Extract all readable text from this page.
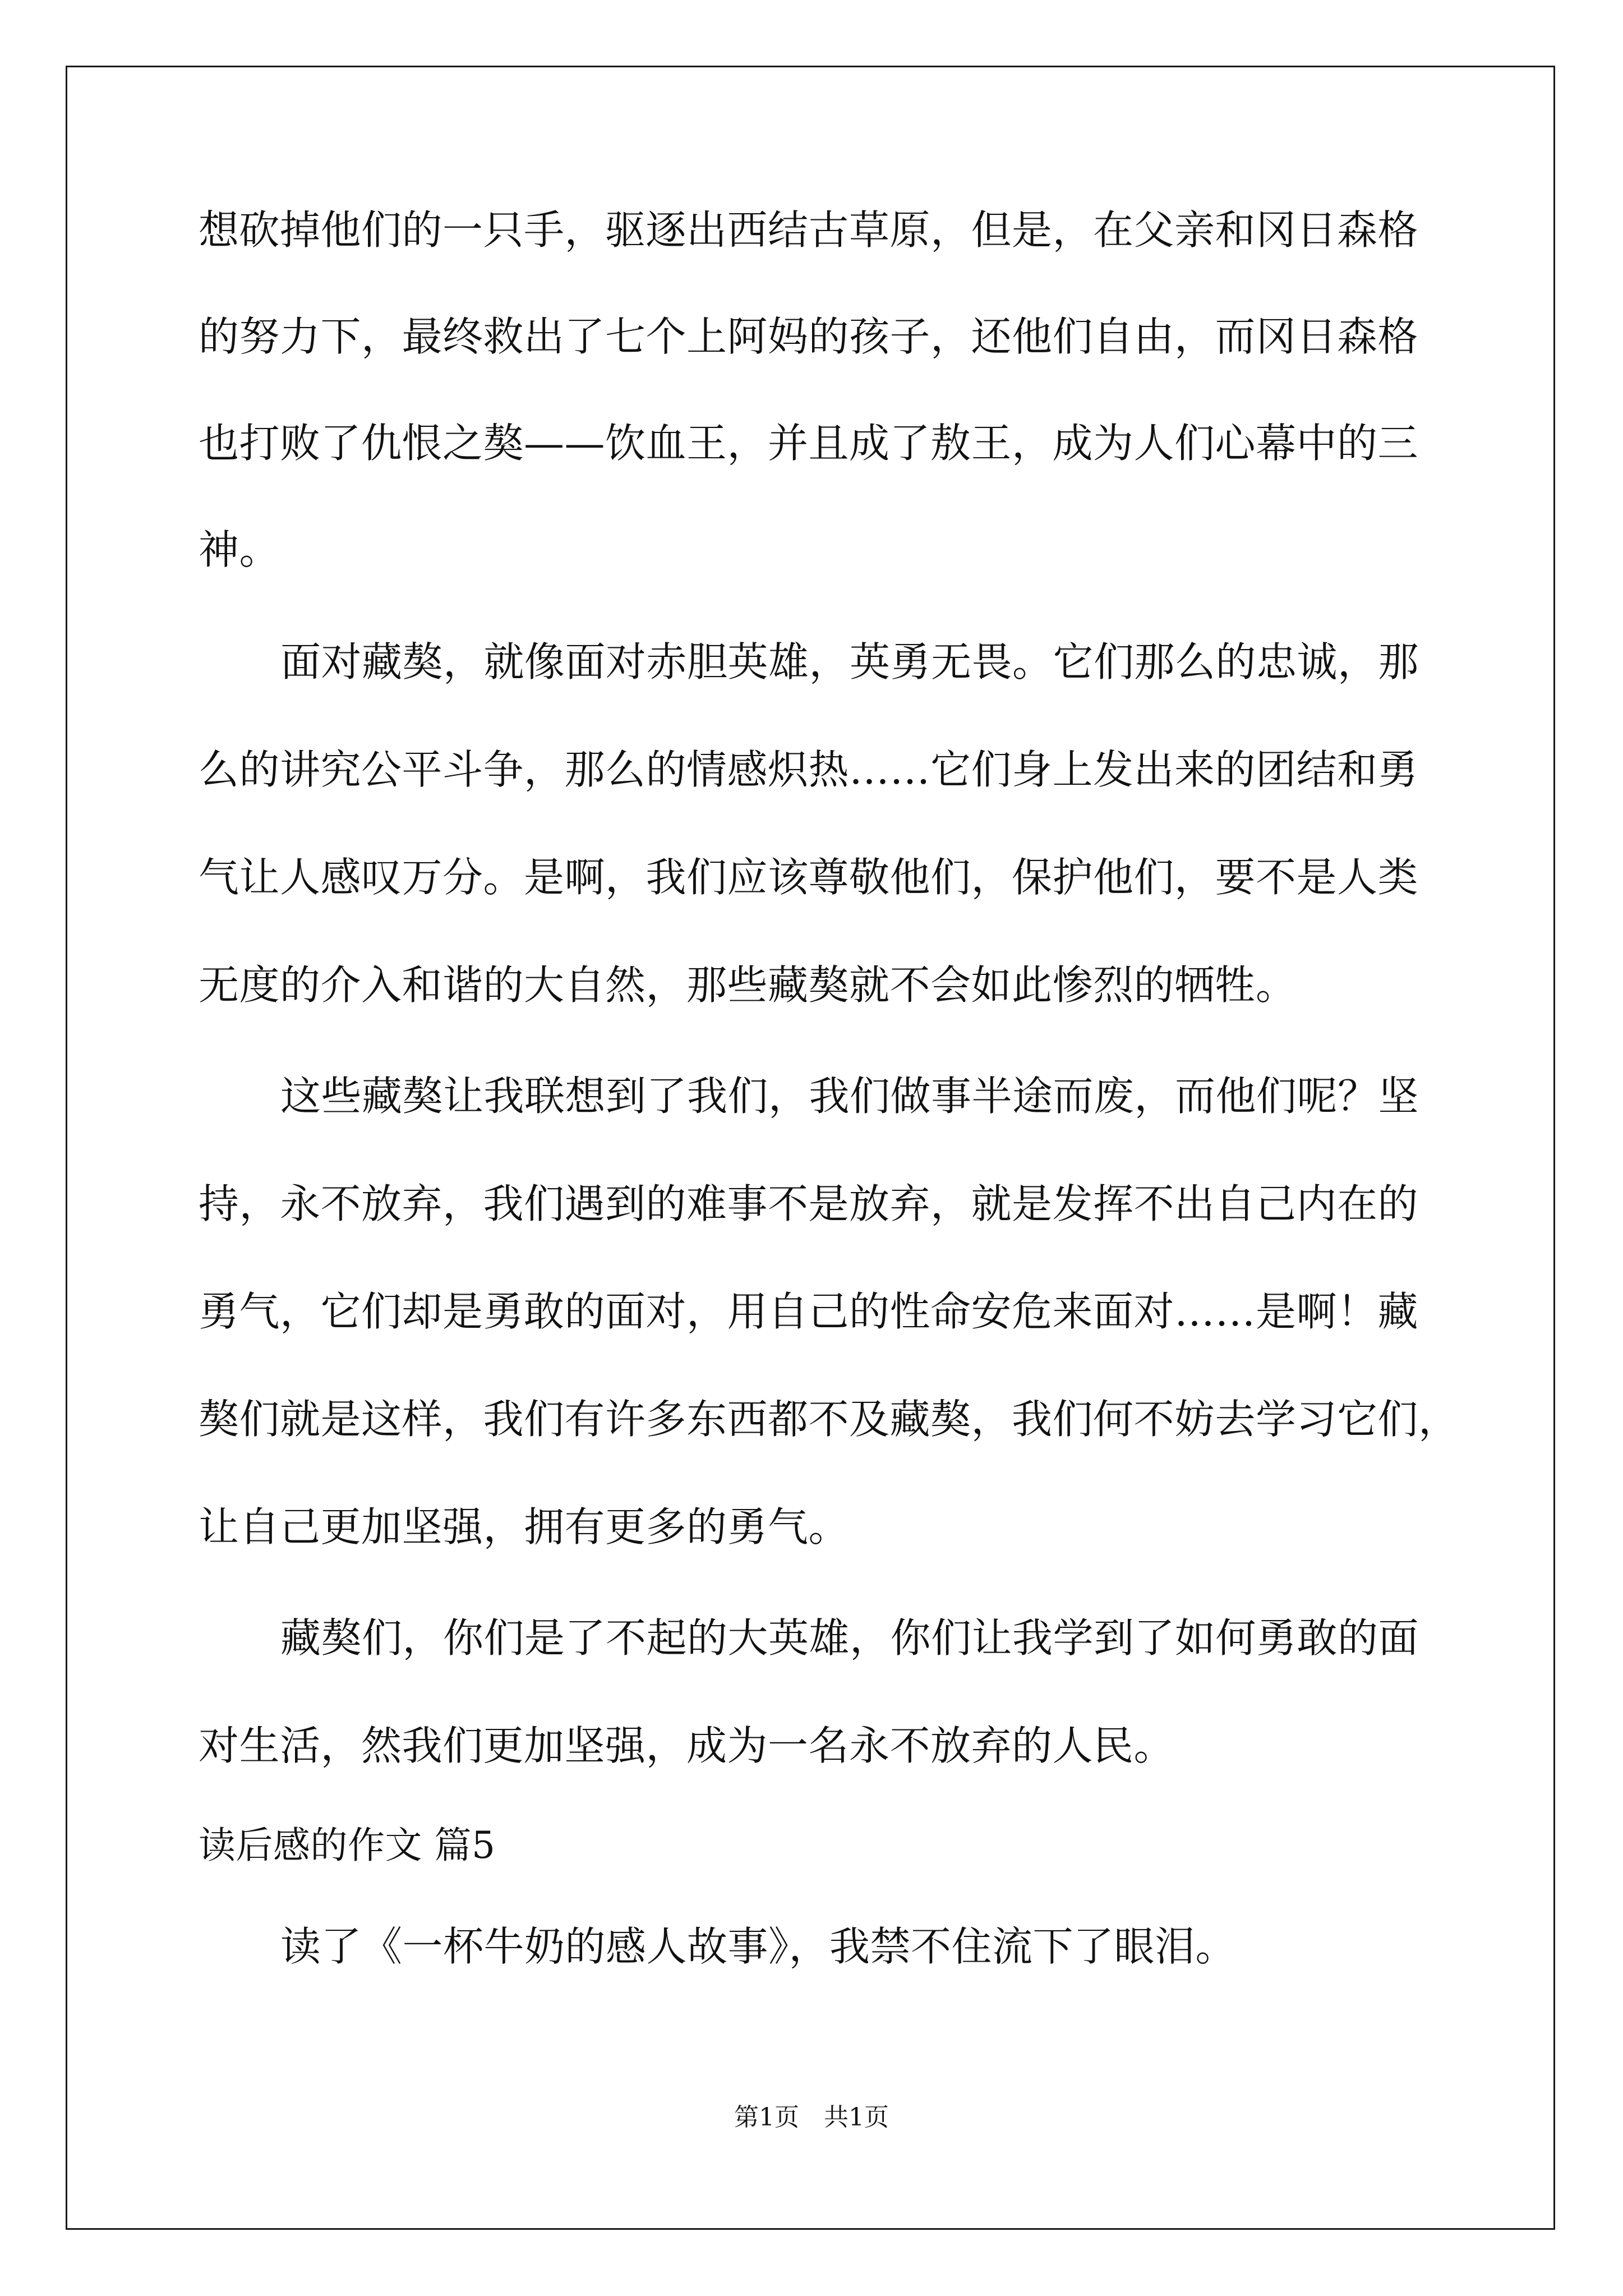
想砍掉他们的一只手，驱逐出西结古草原，但是，在父亲和冈日森格
的努力下，最终救出了七个上阿妈的孩子，还他们自由，而冈日森格
也打败了仇恨之獒——饮血王，并且成了敖王，成为人们心幕中的三
神。
面对藏獒，就像面对赤胆英雄，英勇无畏。它们那么的忠诚，那
么的讲究公平斗争，那么的情感炽热……它们身上发出来的团结和勇
气让人感叹万分。是啊，我们应该尊敬他们，保护他们，要不是人类
无度的介入和谐的大自然，那些藏獒就不会如此惨烈的牺牲。
这些藏獒让我联想到了我们，我们做事半途而废，而他们呢？坚
持，永不放弃，我们遇到的难事不是放弃，就是发挥不出自己内在的
勇气，它们却是勇敢的面对，用自己的性命安危来面对……是啊！藏
獒们就是这样，我们有许多东西都不及藏獒，我们何不妨去学习它们，
让自己更加坚强，拥有更多的勇气。
藏獒们，你们是了不起的大英雄，你们让我学到了如何勇敢的面
对生活，然我们更加坚强，成为一名永不放弃的人民。
读后感的作文 篇5
读了《一杯牛奶的感人故事》，我禁不住流下了眼泪。
第1页　共1页
